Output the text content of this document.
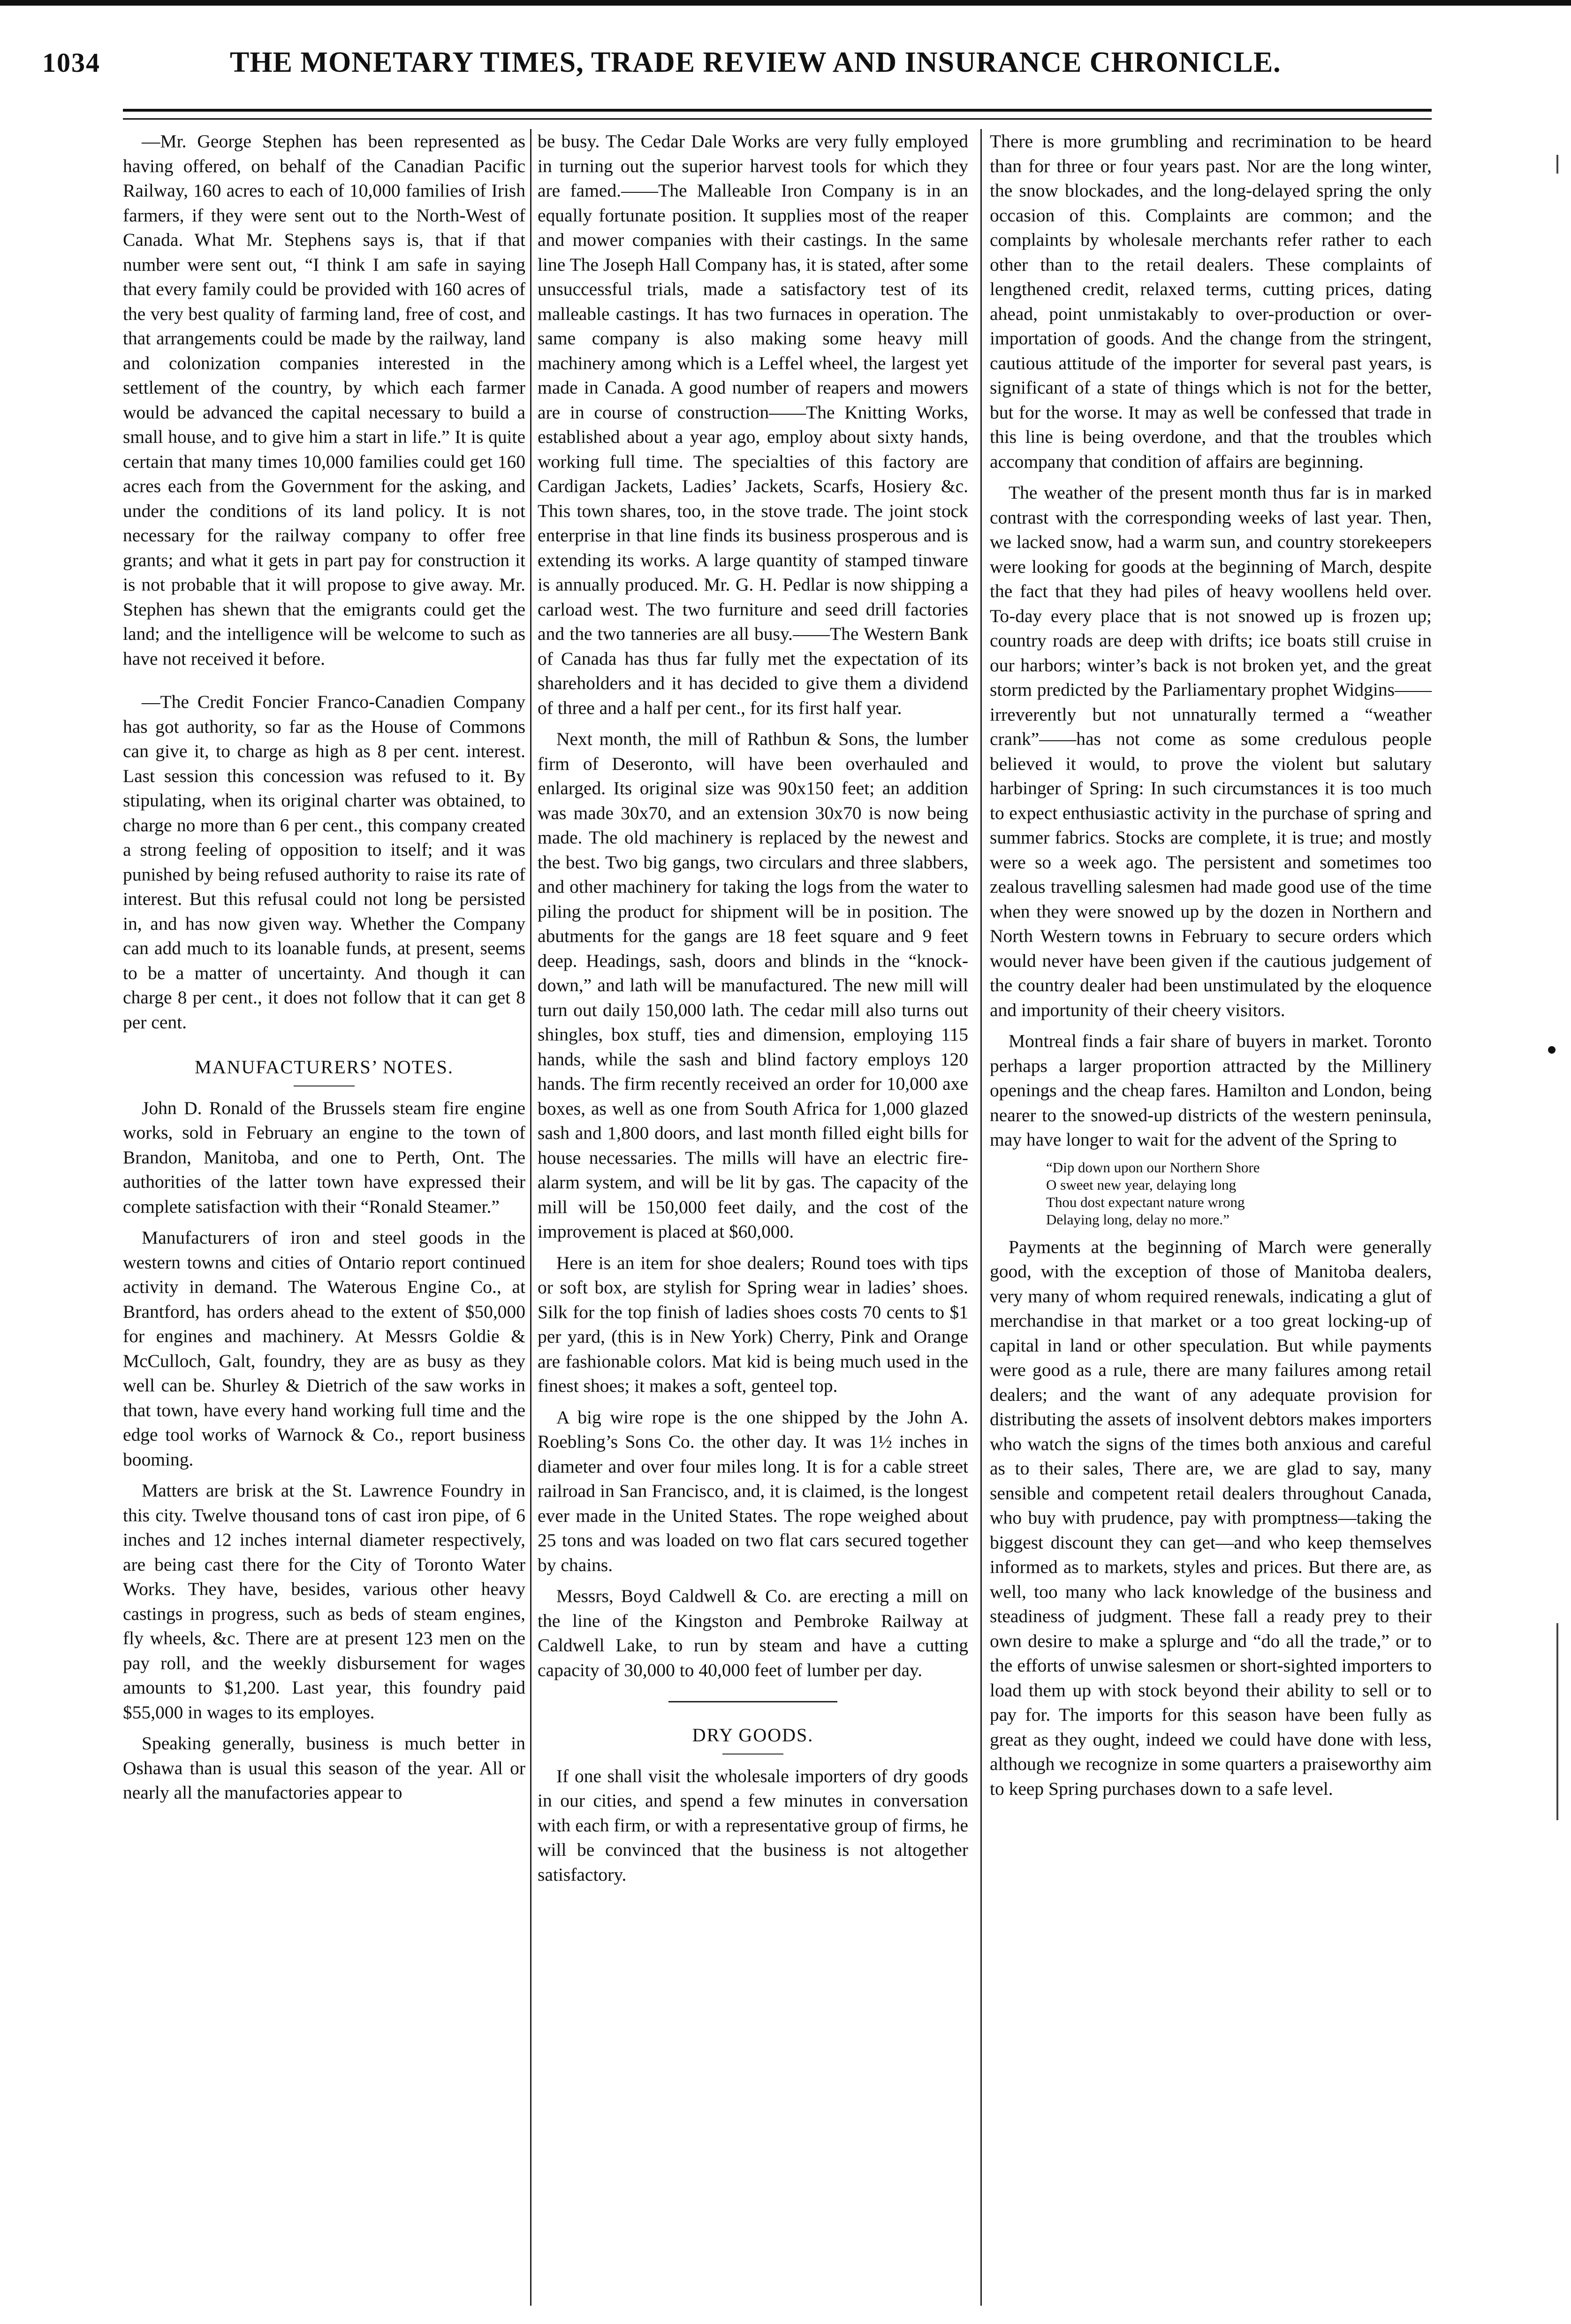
1034	THE MONETARY TIMES, TRADE REVIEW AND INSURANCE CHRONICLE.

—Mr. George Stephen has been represented as having offered, on behalf of the Canadian Pacific Railway, 160 acres to each of 10,000 families of Irish farmers, if they were sent out to the North-West of Canada. What Mr. Stephens says is, that if that number were sent out, “I think I am safe in saying that every family could be provided with 160 acres of the very best quality of farming land, free of cost, and that arrangements could be made by the railway, land and colonization companies interested in the settlement of the country, by which each farmer would be advanced the capital necessary to build a small house, and to give him a start in life.” It is quite certain that many times 10,000 families could get 160 acres each from the Government for the asking, and under the conditions of its land policy. It is not necessary for the railway company to offer free grants; and what it gets in part pay for construction it is not probable that it will propose to give away. Mr. Stephen has shewn that the emigrants could get the land; and the intelligence will be welcome to such as have not received it before.

—The Credit Foncier Franco-Canadien Company has got authority, so far as the House of Commons can give it, to charge as high as 8 per cent. interest. Last session this concession was refused to it. By stipulating, when its original charter was obtained, to charge no more than 6 per cent., this company created a strong feeling of opposition to itself; and it was punished by being refused authority to raise its rate of interest. But this refusal could not long be persisted in, and has now given way. Whether the Company can add much to its loanable funds, at present, seems to be a matter of uncertainty. And though it can charge 8 per cent., it does not follow that it can get 8 per cent.

MANUFACTURERS’ NOTES.

John D. Ronald of the Brussels steam fire engine works, sold in February an engine to the town of Brandon, Manitoba, and one to Perth, Ont. The authorities of the latter town have expressed their complete satisfaction with their “Ronald Steamer.”

Manufacturers of iron and steel goods in the western towns and cities of Ontario report continued activity in demand. The Waterous Engine Co., at Brantford, has orders ahead to the extent of $50,000 for engines and machinery. At Messrs Goldie & McCulloch, Galt, foundry, they are as busy as they well can be. Shurley & Dietrich of the saw works in that town, have every hand working full time and the edge tool works of Warnock & Co., report business booming.

Matters are brisk at the St. Lawrence Foundry in this city. Twelve thousand tons of cast iron pipe, of 6 inches and 12 inches internal diameter respectively, are being cast there for the City of Toronto Water Works. They have, besides, various other heavy castings in progress, such as beds of steam engines, fly wheels, &c. There are at present 123 men on the pay roll, and the weekly disbursement for wages amounts to $1,200. Last year, this foundry paid $55,000 in wages to its employes.

Speaking generally, business is much better in Oshawa than is usual this season of the year. All or nearly all the manufactories appear to

be busy. The Cedar Dale Works are very fully employed in turning out the superior harvest tools for which they are famed.——The Malleable Iron Company is in an equally fortunate position. It supplies most of the reaper and mower companies with their castings. In the same line The Joseph Hall Company has, it is stated, after some unsuccessful trials, made a satisfactory test of its malleable castings. It has two furnaces in operation. The same company is also making some heavy mill machinery among which is a Leffel wheel, the largest yet made in Canada. A good number of reapers and mowers are in course of construction——The Knitting Works, established about a year ago, employ about sixty hands, working full time. The specialties of this factory are Cardigan Jackets, Ladies’ Jackets, Scarfs, Hosiery &c. This town shares, too, in the stove trade. The joint stock enterprise in that line finds its business prosperous and is extending its works. A large quantity of stamped tinware is annually produced. Mr. G. H. Pedlar is now shipping a carload west. The two furniture and seed drill factories and the two tanneries are all busy.——The Western Bank of Canada has thus far fully met the expectation of its shareholders and it has decided to give them a dividend of three and a half per cent., for its first half year.

Next month, the mill of Rathbun & Sons, the lumber firm of Deseronto, will have been overhauled and enlarged. Its original size was 90x150 feet; an addition was made 30x70, and an extension 30x70 is now being made. The old machinery is replaced by the newest and the best. Two big gangs, two circulars and three slabbers, and other machinery for taking the logs from the water to piling the product for shipment will be in position. The abutments for the gangs are 18 feet square and 9 feet deep. Headings, sash, doors and blinds in the “knock-down,” and lath will be manufactured. The new mill will turn out daily 150,000 lath. The cedar mill also turns out shingles, box stuff, ties and dimension, employing 115 hands, while the sash and blind factory employs 120 hands. The firm recently received an order for 10,000 axe boxes, as well as one from South Africa for 1,000 glazed sash and 1,800 doors, and last month filled eight bills for house necessaries. The mills will have an electric fire-alarm system, and will be lit by gas. The capacity of the mill will be 150,000 feet daily, and the cost of the improvement is placed at $60,000.

Here is an item for shoe dealers; Round toes with tips or soft box, are stylish for Spring wear in ladies’ shoes. Silk for the top finish of ladies shoes costs 70 cents to $1 per yard, (this is in New York) Cherry, Pink and Orange are fashionable colors. Mat kid is being much used in the finest shoes; it makes a soft, genteel top.

A big wire rope is the one shipped by the John A. Roebling’s Sons Co. the other day. It was 1½ inches in diameter and over four miles long. It is for a cable street railroad in San Francisco, and, it is claimed, is the longest ever made in the United States. The rope weighed about 25 tons and was loaded on two flat cars secured together by chains.

Messrs, Boyd Caldwell & Co. are erecting a mill on the line of the Kingston and Pembroke Railway at Caldwell Lake, to run by steam and have a cutting capacity of 30,000 to 40,000 feet of lumber per day.

DRY GOODS.

If one shall visit the wholesale importers of dry goods in our cities, and spend a few minutes in conversation with each firm, or with a representative group of firms, he will be convinced that the business is not altogether satisfactory.

There is more grumbling and recrimination to be heard than for three or four years past. Nor are the long winter, the snow blockades, and the long-delayed spring the only occasion of this. Complaints are common; and the complaints by wholesale merchants refer rather to each other than to the retail dealers. These complaints of lengthened credit, relaxed terms, cutting prices, dating ahead, point unmistakably to over-production or over-importation of goods. And the change from the stringent, cautious attitude of the importer for several past years, is significant of a state of things which is not for the better, but for the worse. It may as well be confessed that trade in this line is being overdone, and that the troubles which accompany that condition of affairs are beginning.

The weather of the present month thus far is in marked contrast with the corresponding weeks of last year. Then, we lacked snow, had a warm sun, and country storekeepers were looking for goods at the beginning of March, despite the fact that they had piles of heavy woollens held over. To-day every place that is not snowed up is frozen up; country roads are deep with drifts; ice boats still cruise in our harbors; winter’s back is not broken yet, and the great storm predicted by the Parliamentary prophet Widgins——irreverently but not unnaturally termed a “weather crank”——has not come as some credulous people believed it would, to prove the violent but salutary harbinger of Spring: In such circumstances it is too much to expect enthusiastic activity in the purchase of spring and summer fabrics. Stocks are complete, it is true; and mostly were so a week ago. The persistent and sometimes too zealous travelling salesmen had made good use of the time when they were snowed up by the dozen in Northern and North Western towns in February to secure orders which would never have been given if the cautious judgement of the country dealer had been unstimulated by the eloquence and importunity of their cheery visitors.

Montreal finds a fair share of buyers in market. Toronto perhaps a larger proportion attracted by the Millinery openings and the cheap fares. Hamilton and London, being nearer to the snowed-up districts of the western peninsula, may have longer to wait for the advent of the Spring to

“Dip down upon our Northern Shore
O sweet new year, delaying long
Thou dost expectant nature wrong
Delaying long, delay no more.”

Payments at the beginning of March were generally good, with the exception of those of Manitoba dealers, very many of whom required renewals, indicating a glut of merchandise in that market or a too great locking-up of capital in land or other speculation. But while payments were good as a rule, there are many failures among retail dealers; and the want of any adequate provision for distributing the assets of insolvent debtors makes importers who watch the signs of the times both anxious and careful as to their sales, There are, we are glad to say, many sensible and competent retail dealers throughout Canada, who buy with prudence, pay with promptness—taking the biggest discount they can get—and who keep themselves informed as to markets, styles and prices. But there are, as well, too many who lack knowledge of the business and steadiness of judgment. These fall a ready prey to their own desire to make a splurge and “do all the trade,” or to the efforts of unwise salesmen or short-sighted importers to load them up with stock beyond their ability to sell or to pay for. The imports for this season have been fully as great as they ought, indeed we could have done with less, although we recognize in some quarters a praiseworthy aim to keep Spring purchases down to a safe level.
